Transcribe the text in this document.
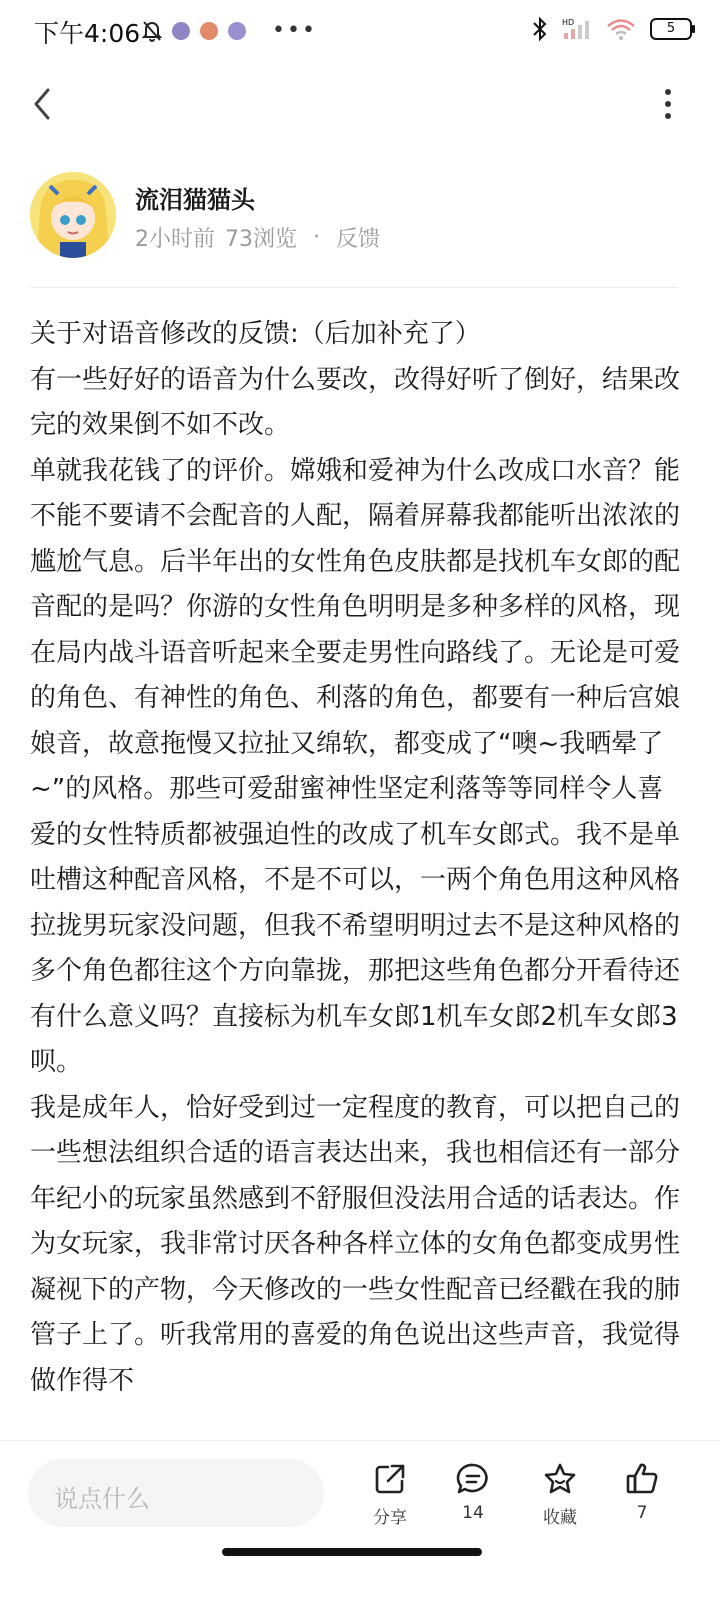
下午4:06	•••	HD	5
流泪猫猫头
2小时前 73浏览 · 反馈

关于对语音修改的反馈:（后加补充了）

有一些好好的语音为什么要改，改得好听了倒好，结果改完的效果倒不如不改。

单就我花钱了的评价。嫦娥和爱神为什么改成口水音？能不能不要请不会配音的人配，隔着屏幕我都能听出浓浓的尴尬气息。后半年出的女性角色皮肤都是找机车女郎的配音配的是吗？你游的女性角色明明是多种多样的风格，现在局内战斗语音听起来全要走男性向路线了。无论是可爱的角色、有神性的角色、利落的角色，都要有一种后宫娘娘音，故意拖慢又拉扯又绵软，都变成了“噢~我晒晕了~”的风格。那些可爱甜蜜神性坚定利落等等同样令人喜爱的女性特质都被强迫性的改成了机车女郎式。我不是单吐槽这种配音风格，不是不可以，一两个角色用这种风格拉拢男玩家没问题，但我不希望明明过去不是这种风格的多个角色都往这个方向靠拢，那把这些角色都分开看待还有什么意义吗？直接标为机车女郎1机车女郎2机车女郎3呗。

我是成年人，恰好受到过一定程度的教育，可以把自己的一些想法组织合适的语言表达出来，我也相信还有一部分年纪小的玩家虽然感到不舒服但没法用合适的话表达。作为女玩家，我非常讨厌各种各样立体的女角色都变成男性凝视下的产物，今天修改的一些女性配音已经戳在我的肺管子上了。听我常用的喜爱的角色说出这些声音，我觉得做作得不

说点什么
分享	14	收藏	7
